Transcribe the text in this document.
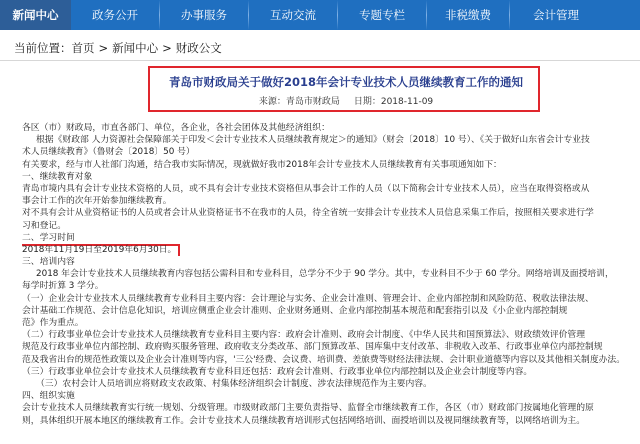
新闻中心	政务公开	办事服务	互动交流	专题专栏	非税缴费	会计管理
当前位置：首页 > 新闻中心 > 财政公文
青岛市财政局关于做好2018年会计专业技术人员继续教育工作的通知
来源：青岛市财政局 日期：2018-11-09
各区（市）财政局，市直各部门、单位，各企业，各社会团体及其他经济组织：
根据《财政部 人力资源社会保障部关于印发＜会计专业技术人员继续教育规定＞的通知》（财会〔2018〕10 号）、《关于做好山东省会计专业技
术人员继续教育》（鲁财会〔2018〕50 号）
有关要求，经与市人社部门沟通，结合我市实际情况，现就做好我市2018年会计专业技术人员继续教育有关事项通知如下：
一、继续教育对象
青岛市境内具有会计专业技术资格的人员，或不具有会计专业技术资格但从事会计工作的人员（以下简称会计专业技术人员），应当在取得资格或从
事会计工作的次年开始参加继续教育。
对不具有会计从业资格证书的人员或者会计从业资格证书不在我市的人员，待全省统一安排会计专业技术人员信息采集工作后，按照相关要求进行学
习和登记。
二、学习时间
2018年11月19日至2019年6月30日。
三、培训内容
2018 年会计专业技术人员继续教育内容包括公需科目和专业科目，总学分不少于 90 学分。其中，专业科目不少于 60 学分。网络培训及面授培训，
每学时折算 3 学分。
（一）企业会计专业技术人员继续教育专业科目主要内容：会计理论与实务、企业会计准则、管理会计、企业内部控制和风险防范、税收法律法规、
会计基础工作规范、会计信息化知识，培训应侧重企业会计准则、企业财务通则、企业内部控制基本规范和配套指引以及《小企业内部控制规
范》作为重点。
（二）行政事业单位会计专业技术人员继续教育专业科目主要内容：政府会计准则、政府会计制度、《中华人民共和国预算法》、财政绩效评价管理
规范及行政事业单位内部控制、政府购买服务管理、政府收支分类改革、部门预算改革、国库集中支付改革、非税收入改革、行政事业单位内部控制规
范及我省出台的规范性政策以及企业会计准则等内容，'三公'经费、会议费、培训费、差旅费等财经法律法规、会计职业道德等内容以及其他相关制度办法。
（三）行政事业单位会计专业技术人员继续教育专业科目还包括：政府会计准则、行政事业单位内部控制以及企业会计制度等内容。
（三）农村会计人员培训应将财政支农政策、村集体经济组织会计制度、涉农法律规范作为主要内容。
四、组织实施
会计专业技术人员继续教育实行统一规划、分级管理。市级财政部门主要负责指导、监督全市继续教育工作，各区（市）财政部门按属地化管理的原
则，具体组织开展本地区的继续教育工作。会计专业技术人员继续教育培训形式包括网络培训、面授培训以及视同继续教育等，以网络培训为主。
